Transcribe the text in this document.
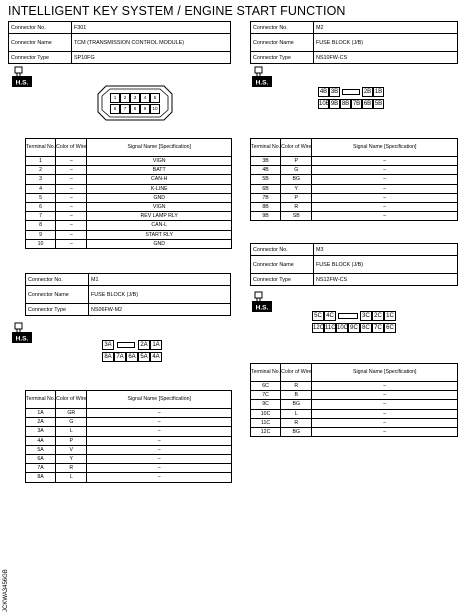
INTELLIGENT KEY SYSTEM / ENGINE START FUNCTION
Connector No.	F301
Connector Name	TCM (TRANSMISSION CONTROL MODULE)
Connector Type	SP10FG
Connector No.	M2
Connector Name	FUSE BLOCK (J/B)
Connector Type	NS10FW-CS
H.S.	H.S.
H.S.
H.S.
1	2	3	4	5
6	7	8	9	10
4B 3B	2B 1B
10B 9B 8B 7B 6B 5B
Terminal No.	Color of Wire	Signal Name [Specification]
1	–	VIGN
2	–	BATT
3	–	CAN-H
4	–	K-LINE
5	–	GND
6	–	VIGN
7	–	REV LAMP RLY
8	–	CAN-L
9	–	START RLY
10	–	GND
Terminal No.	Color of Wire	Signal Name [Specification]
3B	P	–
4B	G	–
5B	BG	–
6B	Y	–
7B	P	–
8B	R	–
9B	SB	–
Connector No.	M3
Connector Name	FUSE BLOCK (J/B)
Connector Type	NS12FW-CS
Connector No.	M1
Connector Name	FUSE BLOCK (J/B)
Connector Type	NS06FW-M2
5C 4C	3C 2C 1C
12C 11C 10C 9C 8C 7C 6C
3A	2A 1A
8A 7A 6A 5A 4A
Terminal No.	Color of Wire	Signal Name [Specification]
6C	R	–
7C	B	–
9C	BG	–
10C	L	–
11C	R	–
12C	BG	–
Terminal No.	Color of Wire	Signal Name [Specification]
1A	GR	–
2A	G	–
3A	L	–
4A	P	–
5A	V	–
6A	Y	–
7A	R	–
8A	L	–
JCKWA3456GB
